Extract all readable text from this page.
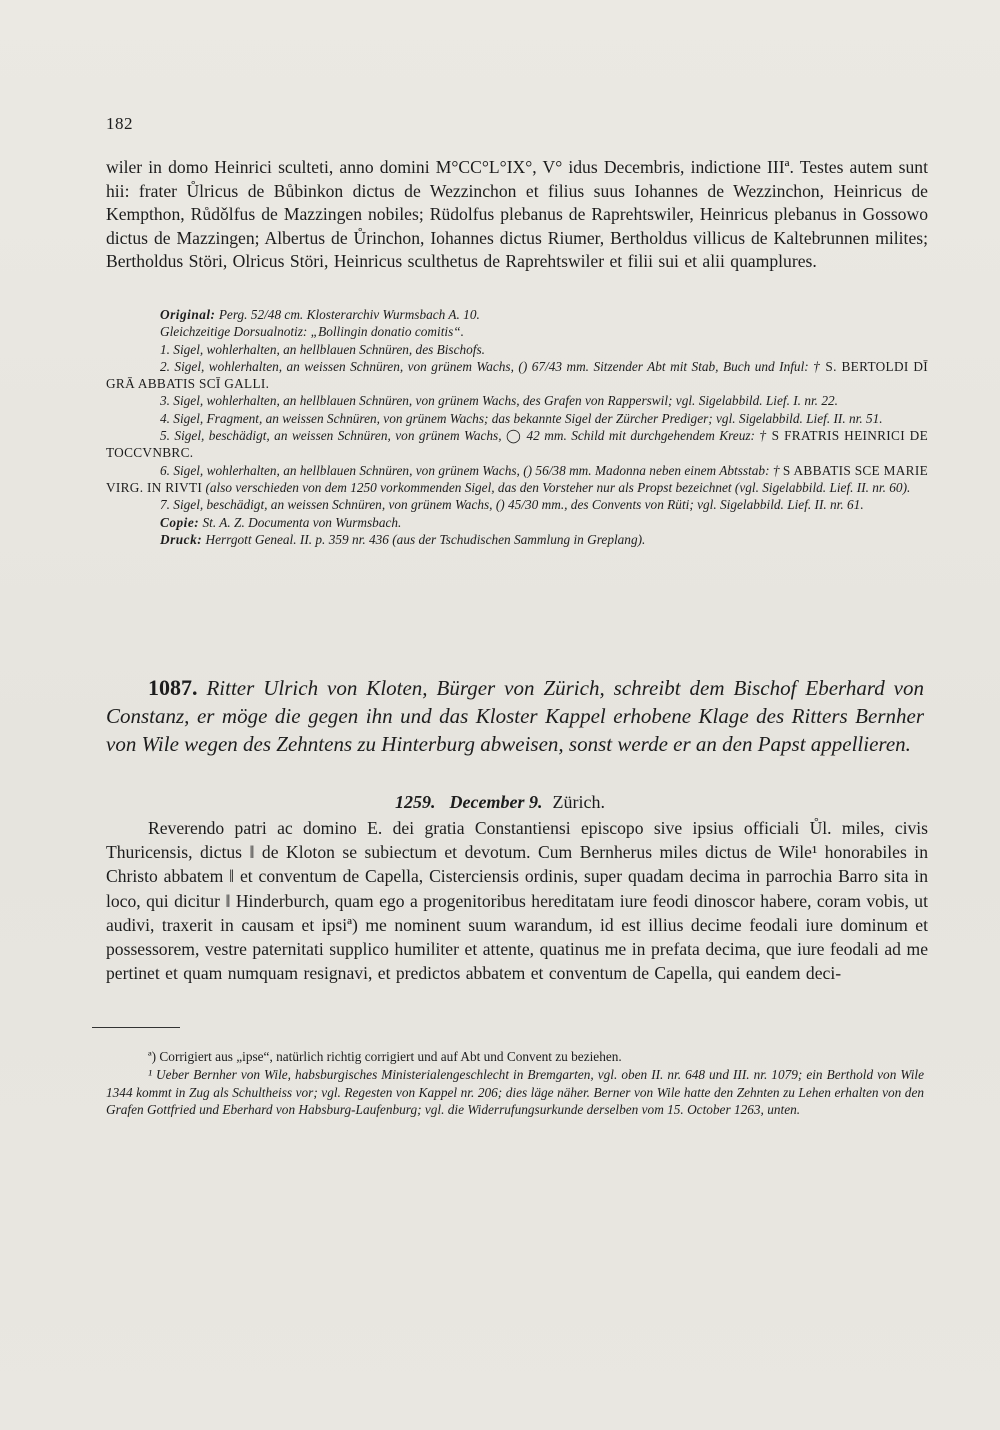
182

wiler in domo Heinrici sculteti, anno domini M°CC°L°IX°, V° idus Decembris, indictione IIIª. Testes autem sunt hii: frater Ůlricus de Bůbinkon dictus de Wezzinchon et filius suus Iohannes de Wezzinchon, Heinricus de Kempthon, Růdǒlfus de Mazzingen nobiles; Rüdolfus plebanus de Raprehtswiler, Heinricus plebanus in Gossowo dictus de Mazzingen; Albertus de Ůrinchon, Iohannes dictus Riumer, Bertholdus villicus de Kaltebrunnen milites; Bertholdus Störi, Olricus Störi, Heinricus sculthetus de Raprehtswiler et filii sui et alii quamplures.

Original: Perg. 52/48 cm. Klosterarchiv Wurmsbach A. 10.

Gleichzeitige Dorsualnotiz: „Bollingin donatio comitis“.

1. Sigel, wohlerhalten, an hellblauen Schnüren, des Bischofs.

2. Sigel, wohlerhalten, an weissen Schnüren, von grünem Wachs, () 67/43 mm. Sitzender Abt mit Stab, Buch und Inful: † S. BERTOLDI DĪ GRĀ ABBATIS SCĪ GALLI.

3. Sigel, wohlerhalten, an hellblauen Schnüren, von grünem Wachs, des Grafen von Rapperswil; vgl. Sigelabbild. Lief. I. nr. 22.

4. Sigel, Fragment, an weissen Schnüren, von grünem Wachs; das bekannte Sigel der Zürcher Prediger; vgl. Sigelabbild. Lief. II. nr. 51.

5. Sigel, beschädigt, an weissen Schnüren, von grünem Wachs, ◯ 42 mm. Schild mit durchgehendem Kreuz: † S FRATRIS HEINRICI DE TOCCVNBRC.

6. Sigel, wohlerhalten, an hellblauen Schnüren, von grünem Wachs, () 56/38 mm. Madonna neben einem Abtsstab: † S ABBATIS SCE MARIE VIRG. IN RIVTI (also verschieden von dem 1250 vorkommenden Sigel, das den Vorsteher nur als Propst bezeichnet (vgl. Sigelabbild. Lief. II. nr. 60).

7. Sigel, beschädigt, an weissen Schnüren, von grünem Wachs, () 45/30 mm., des Convents von Rüti; vgl. Sigelabbild. Lief. II. nr. 61.

Copie: St. A. Z. Documenta von Wurmsbach.

Druck: Herrgott Geneal. II. p. 359 nr. 436 (aus der Tschudischen Sammlung in Greplang).

1087. Ritter Ulrich von Kloten, Bürger von Zürich, schreibt dem Bischof Eberhard von Constanz, er möge die gegen ihn und das Kloster Kappel erhobene Klage des Ritters Bernher von Wile wegen des Zehntens zu Hinterburg abweisen, sonst werde er an den Papst appellieren.

1259. December 9. Zürich.

Reverendo patri ac domino E. dei gratia Constantiensi episcopo sive ipsius officiali Ůl. miles, civis Thuricensis, dictus ‖ de Kloton se subiectum et devotum. Cum Bernherus miles dictus de Wile¹ honorabiles in Christo abbatem ‖ et conventum de Capella, Cisterciensis ordinis, super quadam decima in parrochia Barro sita in loco, qui dicitur ‖ Hinderburch, quam ego a progenitoribus hereditatam iure feodi dinoscor habere, coram vobis, ut audivi, traxerit in causam et ipsiª) me nominent suum warandum, id est illius decime feodali iure dominum et possessorem, vestre paternitati supplico humiliter et attente, quatinus me in prefata decima, que iure feodali ad me pertinet et quam numquam resignavi, et predictos abbatem et conventum de Capella, qui eandem deci-

ª) Corrigiert aus „ipse“, natürlich richtig corrigiert und auf Abt und Convent zu beziehen.

¹ Ueber Bernher von Wile, habsburgisches Ministerialengeschlecht in Bremgarten, vgl. oben II. nr. 648 und III. nr. 1079; ein Berthold von Wile 1344 kommt in Zug als Schultheiss vor; vgl. Regesten von Kappel nr. 206; dies läge näher. Berner von Wile hatte den Zehnten zu Lehen erhalten von den Grafen Gottfried und Eberhard von Habsburg-Laufenburg; vgl. die Widerrufungsurkunde derselben vom 15. October 1263, unten.
